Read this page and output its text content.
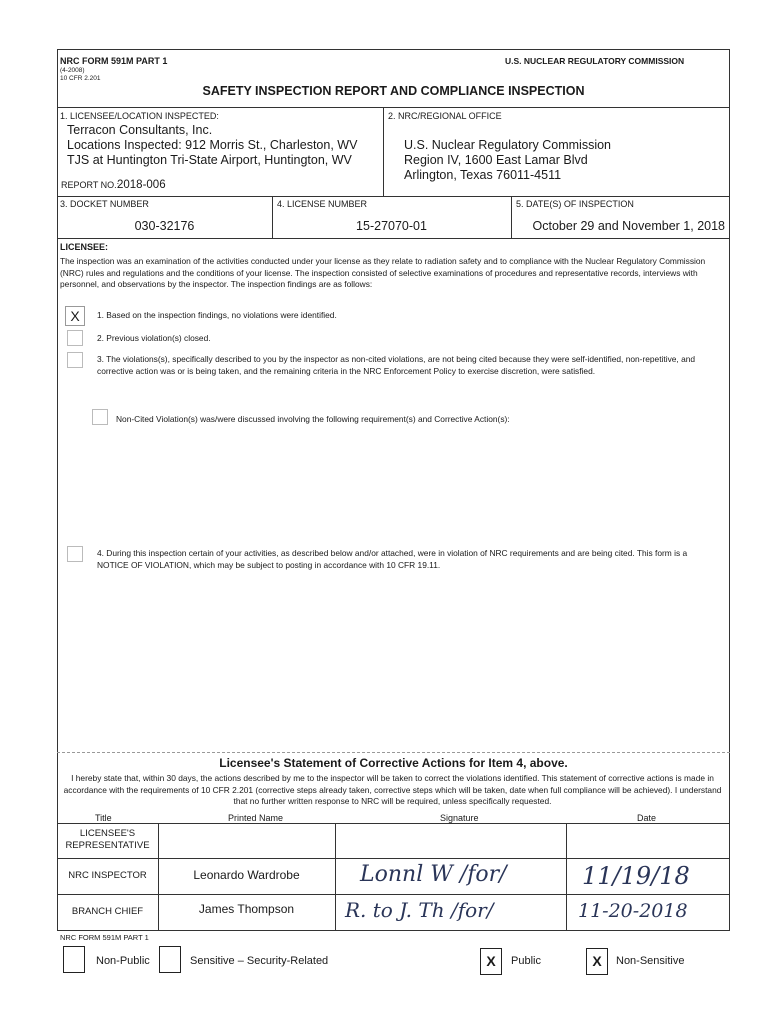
NRC FORM 591M PART 1
(4-2008)
10 CFR 2.201
U.S. NUCLEAR REGULATORY COMMISSION
SAFETY INSPECTION REPORT AND COMPLIANCE INSPECTION
1. LICENSEE/LOCATION INSPECTED:
Terracon Consultants, Inc.
Locations Inspected: 912 Morris St., Charleston, WV
TJS at Huntington Tri-State Airport, Huntington, WV
REPORT NO.:
2018-006
2. NRC/REGIONAL OFFICE
U.S. Nuclear Regulatory Commission
Region IV, 1600 East Lamar Blvd
Arlington, Texas 76011-4511
3. DOCKET NUMBER
030-32176
4. LICENSE NUMBER
15-27070-01
5. DATE(S) OF INSPECTION
October 29 and November 1, 2018
LICENSEE:
The inspection was an examination of the activities conducted under your license as they relate to radiation safety and to compliance with the Nuclear Regulatory Commission (NRC) rules and regulations and the conditions of your license. The inspection consisted of selective examinations of procedures and representative records, interviews with personnel, and observations by the inspector. The inspection findings are as follows:
X	1. Based on the inspection findings, no violations were identified.
2. Previous violation(s) closed.
3. The violations(s), specifically described to you by the inspector as non-cited violations, are not being cited because they were self-identified, non-repetitive, and corrective action was or is being taken, and the remaining criteria in the NRC Enforcement Policy to exercise discretion, were satisfied.
Non-Cited Violation(s) was/were discussed involving the following requirement(s) and Corrective Action(s):
4. During this inspection certain of your activities, as described below and/or attached, were in violation of NRC requirements and are being cited. This form is a NOTICE OF VIOLATION, which may be subject to posting in accordance with 10 CFR 19.11.
Licensee's Statement of Corrective Actions for Item 4, above.
I hereby state that, within 30 days, the actions described by me to the inspector will be taken to correct the violations identified. This statement of corrective actions is made in accordance with the requirements of 10 CFR 2.201 (corrective steps already taken, corrective steps which will be taken, date when full compliance will be achieved). I understand that no further written response to NRC will be required, unless specifically requested.
Title	Printed Name	Signature	Date
LICENSEE'S REPRESENTATIVE
NRC INSPECTOR	Leonardo Wardrobe	Lonnl W /for/	11/19/18
BRANCH CHIEF	James Thompson	R. to J. Th /for/	11-20-2018
NRC FORM 591M PART 1
Non-Public	Sensitive – Security-Related	X	Public	X	Non-Sensitive
